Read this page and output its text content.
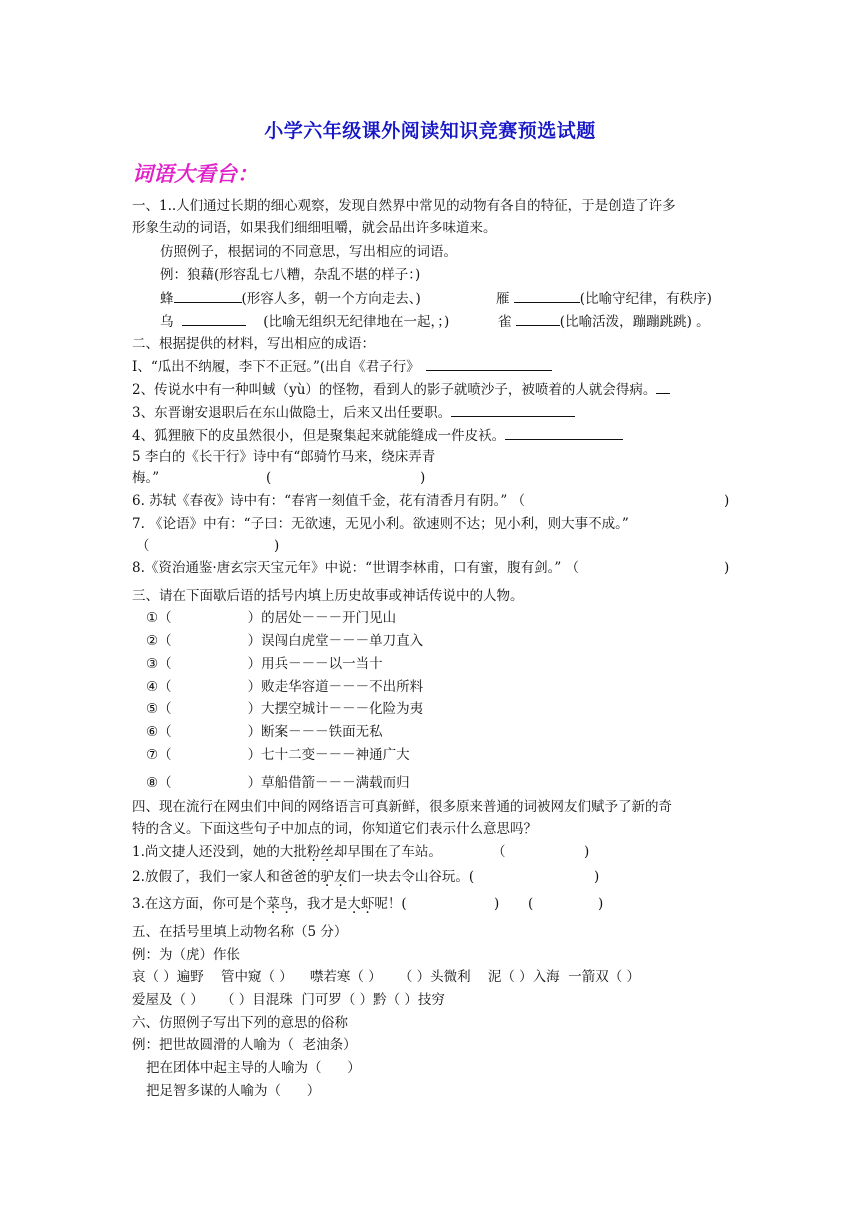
小学六年级课外阅读知识竞赛预选试题
词语大看台：
一、1..人们通过长期的细心观察，发现自然界中常见的动物有各自的特征，于是创造了许多
形象生动的词语，如果我们细细咀嚼，就会品出许多味道来。
仿照例子，根据词的不同意思，写出相应的词语。
例：狼藉(形容乱七八糟，杂乱不堪的样子：)
蜂	(形容人多，朝一个方向走去、)	雁	(比喻守纪律，有秩序)
乌	(比喻无组织无纪律地在一起，；)	雀	(比喻活泼，蹦蹦跳跳) 。
二、根据提供的材料，写出相应的成语：
I、“瓜出不纳履，李下不正冠。”(出自《君子行》
2、传说水中有一种叫蜮（yù）的怪物，看到人的影子就喷沙子，被喷着的人就会得病。
3、东晋谢安退职后在东山做隐士，后来又出任要职。
4、狐狸腋下的皮虽然很小，但是聚集起来就能缝成一件皮袄。
5 李白的《长干行》诗中有“郎骑竹马来，绕床弄青
梅。”	(	)
6. 苏轼《春夜》诗中有：“春宵一刻值千金，花有清香月有阴。” （	)
7. 《论语》中有：“子曰：无欲速，无见小利。欲速则不达；见小利，则大事不成。”
（	)
8.《资治通鉴·唐玄宗天宝元年》中说：“世谓李林甫，口有蜜，腹有剑。” （	)
三、请在下面歇后语的括号内填上历史故事或神话传说中的人物。
①（	）的居处－－－开门见山
②（	）误闯白虎堂－－－单刀直入
③（	）用兵－－－以一当十
④（	）败走华容道－－－不出所料
⑤（	）大摆空城计－－－化险为夷
⑥（	）断案－－－铁面无私
⑦（	）七十二变－－－神通广大
⑧（	）草船借箭－－－满载而归
四、现在流行在网虫们中间的网络语言可真新鲜，很多原来普通的词被网友们赋予了新的奇
特的含义。下面这些句子中加点的词，你知道它们表示什么意思吗？
1.尚文捷人还没到，她的大批粉丝却早围在了车站。	（	)
2.放假了，我们一家人和爸爸的驴友们一块去令山谷玩。(	)
3.在这方面，你可是个菜鸟，我才是大虾呢！(	) (	)
五、在括号里填上动物名称（5 分）
例：为（虎）作伥
哀（ ）遍野    管中窥（ ）    噤若寒（ ）    （ ）头微利    泥（ ）入海  一箭双（ ）
爱屋及（ ）    （ ）目混珠  门可罗（ ）黔（ ）技穷
六、仿照例子写出下列的意思的俗称
例：把世故圆滑的人喻为（  老油条）
把在团体中起主导的人喻为（      ）
把足智多谋的人喻为（      ）
